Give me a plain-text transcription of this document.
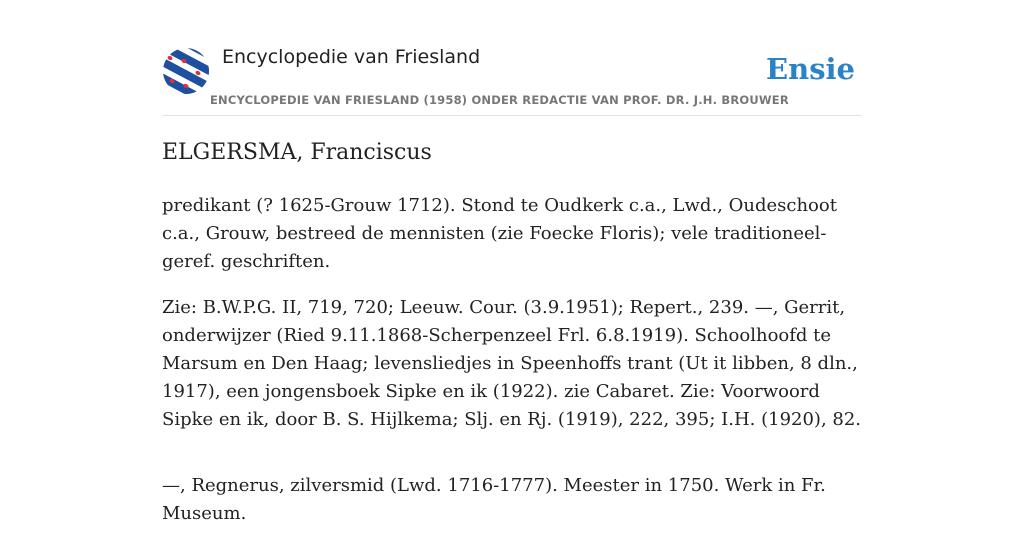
Encyclopedie van Friesland	Ensie
ENCYCLOPEDIE VAN FRIESLAND (1958) ONDER REDACTIE VAN PROF. DR. J.H. BROUWER
ELGERSMA, Franciscus

predikant (? 1625-Grouw 1712). Stond te Oudkerk c.a., Lwd., Oudeschoot c.a., Grouw, bestreed de mennisten (zie Foecke Floris); vele traditioneel-geref. geschriften.

Zie: B.W.P.G. II, 719, 720; Leeuw. Cour. (3.9.1951); Repert., 239. —, Gerrit, onderwijzer (Ried 9.11.1868-Scherpenzeel Frl. 6.8.1919). Schoolhoofd te Marsum en Den Haag; levensliedjes in Speenhoffs trant (Ut it libben, 8 dln., 1917), een jongensboek Sipke en ik (1922). zie Cabaret. Zie: Voorwoord Sipke en ik, door B. S. Hijlkema; Slj. en Rj. (1919), 222, 395; I.H. (1920), 82.

—, Regnerus, zilversmid (Lwd. 1716-1777). Meester in 1750. Werk in Fr. Museum.
